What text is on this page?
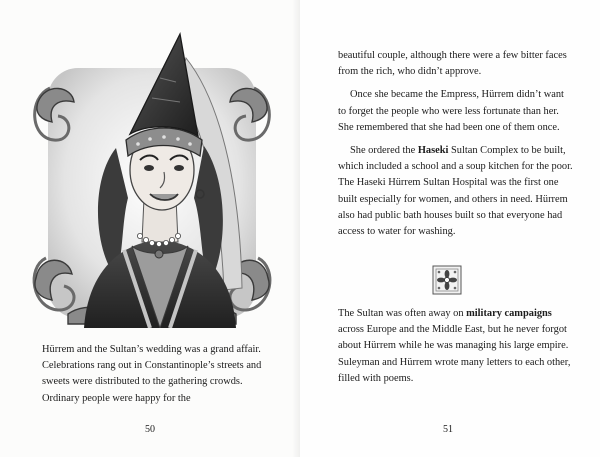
Hürrem and the Sultan’s wedding was a grand affair. Celebrations rang out in Constantinople’s streets and sweets were distributed to the gathering crowds. Ordinary people were happy for the

50

beautiful couple, although there were a few bitter faces from the rich, who didn’t approve.

Once she became the Empress, Hürrem didn’t want to forget the people who were less fortunate than her. She remembered that she had been one of them once.

She ordered the Haseki Sultan Complex to be built, which included a school and a soup kitchen for the poor. The Haseki Hürrem Sultan Hospital was the first one built especially for women, and others in need. Hürrem also had public bath houses built so that everyone had access to water for washing.

The Sultan was often away on military campaigns across Europe and the Middle East, but he never forgot about Hürrem while he was managing his large empire. Suleyman and Hürrem wrote many letters to each other, filled with poems.

51
